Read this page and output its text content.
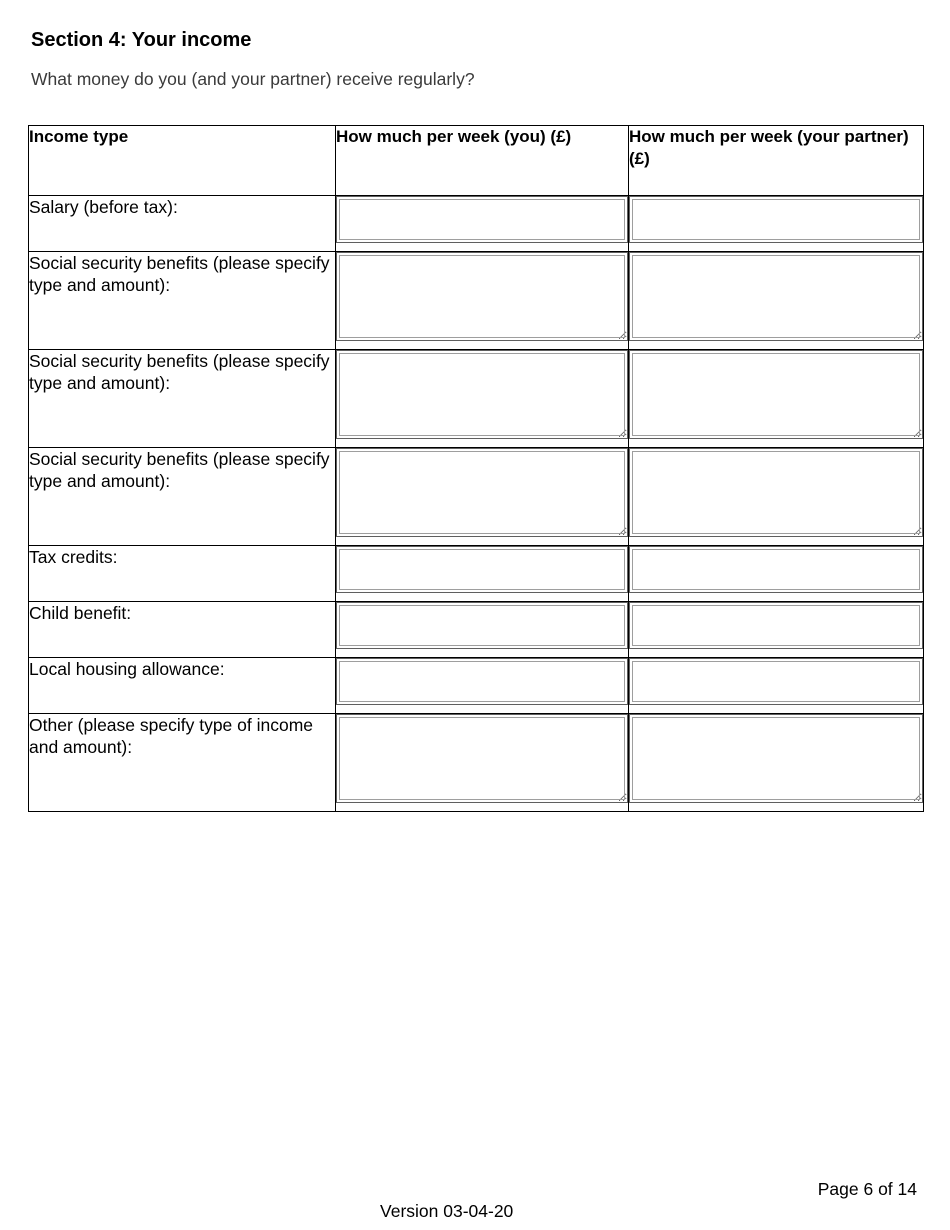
Section 4: Your income

What money do you (and your partner) receive regularly?

Income type	How much per week (you) (£)	How much per week (your partner) (£)

Salary (before tax):	

Social security benefits (please specify type and amount):	

Social security benefits (please specify type and amount):	

Social security benefits (please specify type and amount):	

Tax credits:	

Child benefit:	

Local housing allowance:	

Other (please specify type of income and amount):	

Page 6 of 14
Version 03-04-20
